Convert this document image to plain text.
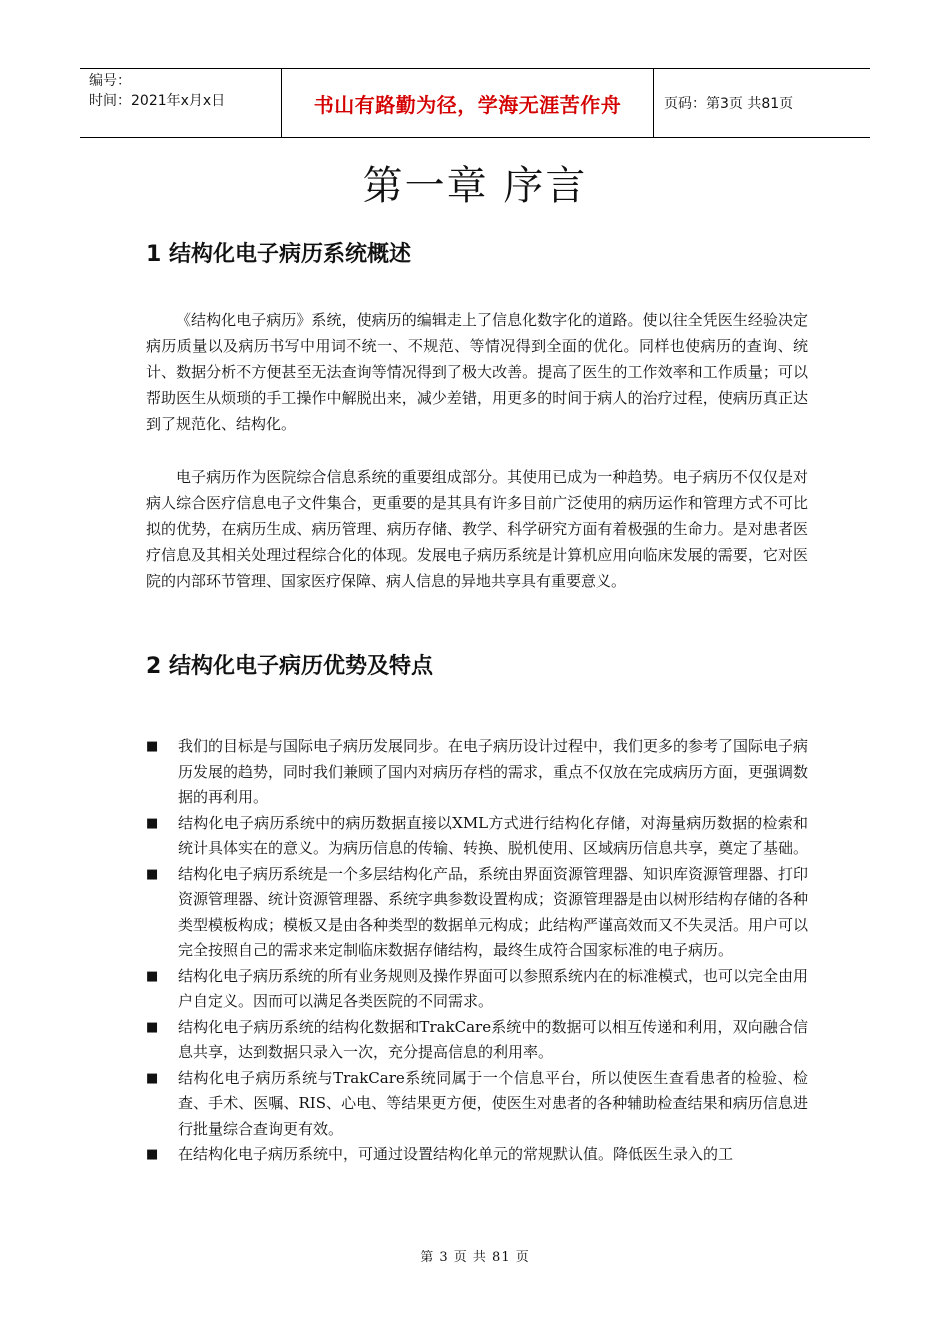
编号：
时间：2021年x月x日	书山有路勤为径，学海无涯苦作舟	页码：第3页 共81页
第一章 序言
1 结构化电子病历系统概述

《结构化电子病历》系统，使病历的编辑走上了信息化数字化的道路。使以往全凭医生经验决定病历质量以及病历书写中用词不统一、不规范、等情况得到全面的优化。同样也使病历的查询、统计、数据分析不方便甚至无法查询等情况得到了极大改善。提高了医生的工作效率和工作质量；可以帮助医生从烦琐的手工操作中解脱出来，减少差错，用更多的时间于病人的治疗过程，使病历真正达到了规范化、结构化。

电子病历作为医院综合信息系统的重要组成部分。其使用已成为一种趋势。电子病历不仅仅是对病人综合医疗信息电子文件集合，更重要的是其具有许多目前广泛使用的病历运作和管理方式不可比拟的优势，在病历生成、病历管理、病历存储、教学、科学研究方面有着极强的生命力。是对患者医疗信息及其相关处理过程综合化的体现。发展电子病历系统是计算机应用向临床发展的需要，它对医院的内部环节管理、国家医疗保障、病人信息的异地共享具有重要意义。

2 结构化电子病历优势及特点
■	我们的目标是与国际电子病历发展同步。在电子病历设计过程中，我们更多的参考了国际电子病历发展的趋势，同时我们兼顾了国内对病历存档的需求，重点不仅放在完成病历方面，更强调数据的再利用。
■	结构化电子病历系统中的病历数据直接以XML方式进行结构化存储，对海量病历数据的检索和统计具体实在的意义。为病历信息的传输、转换、脱机使用、区域病历信息共享，奠定了基础。
■	结构化电子病历系统是一个多层结构化产品，系统由界面资源管理器、知识库资源管理器、打印资源管理器、统计资源管理器、系统字典参数设置构成；资源管理器是由以树形结构存储的各种类型模板构成；模板又是由各种类型的数据单元构成；此结构严谨高效而又不失灵活。用户可以完全按照自己的需求来定制临床数据存储结构，最终生成符合国家标准的电子病历。
■	结构化电子病历系统的所有业务规则及操作界面可以参照系统内在的标准模式，也可以完全由用户自定义。因而可以满足各类医院的不同需求。
■	结构化电子病历系统的结构化数据和TrakCare系统中的数据可以相互传递和利用，双向融合信息共享，达到数据只录入一次，充分提高信息的利用率。
■	结构化电子病历系统与TrakCare系统同属于一个信息平台，所以使医生查看患者的检验、检查、手术、医嘱、RIS、心电、等结果更方便，使医生对患者的各种辅助检查结果和病历信息进行批量综合查询更有效。
■	在结构化电子病历系统中，可通过设置结构化单元的常规默认值。降低医生录入的工
第 3 页 共 81 页
